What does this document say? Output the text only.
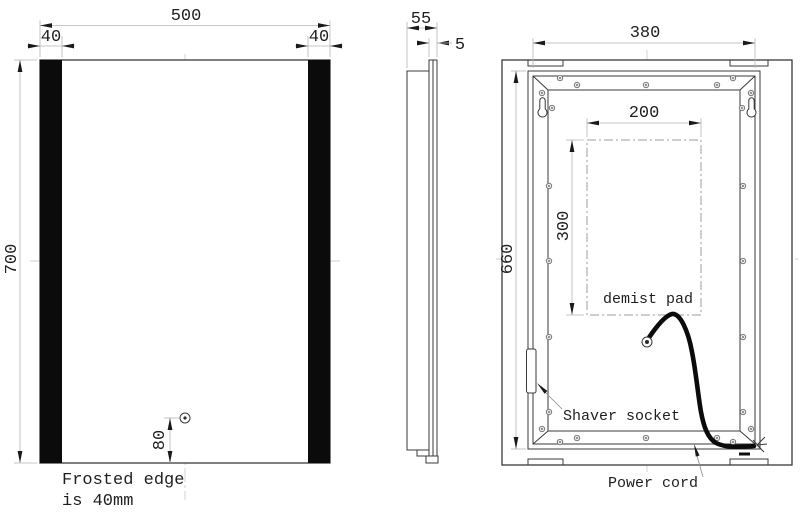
500
40	40
700
80
Frosted edge
is 40mm
55
5
demist pad
380
660
200
300
Shaver socket
Power cord
